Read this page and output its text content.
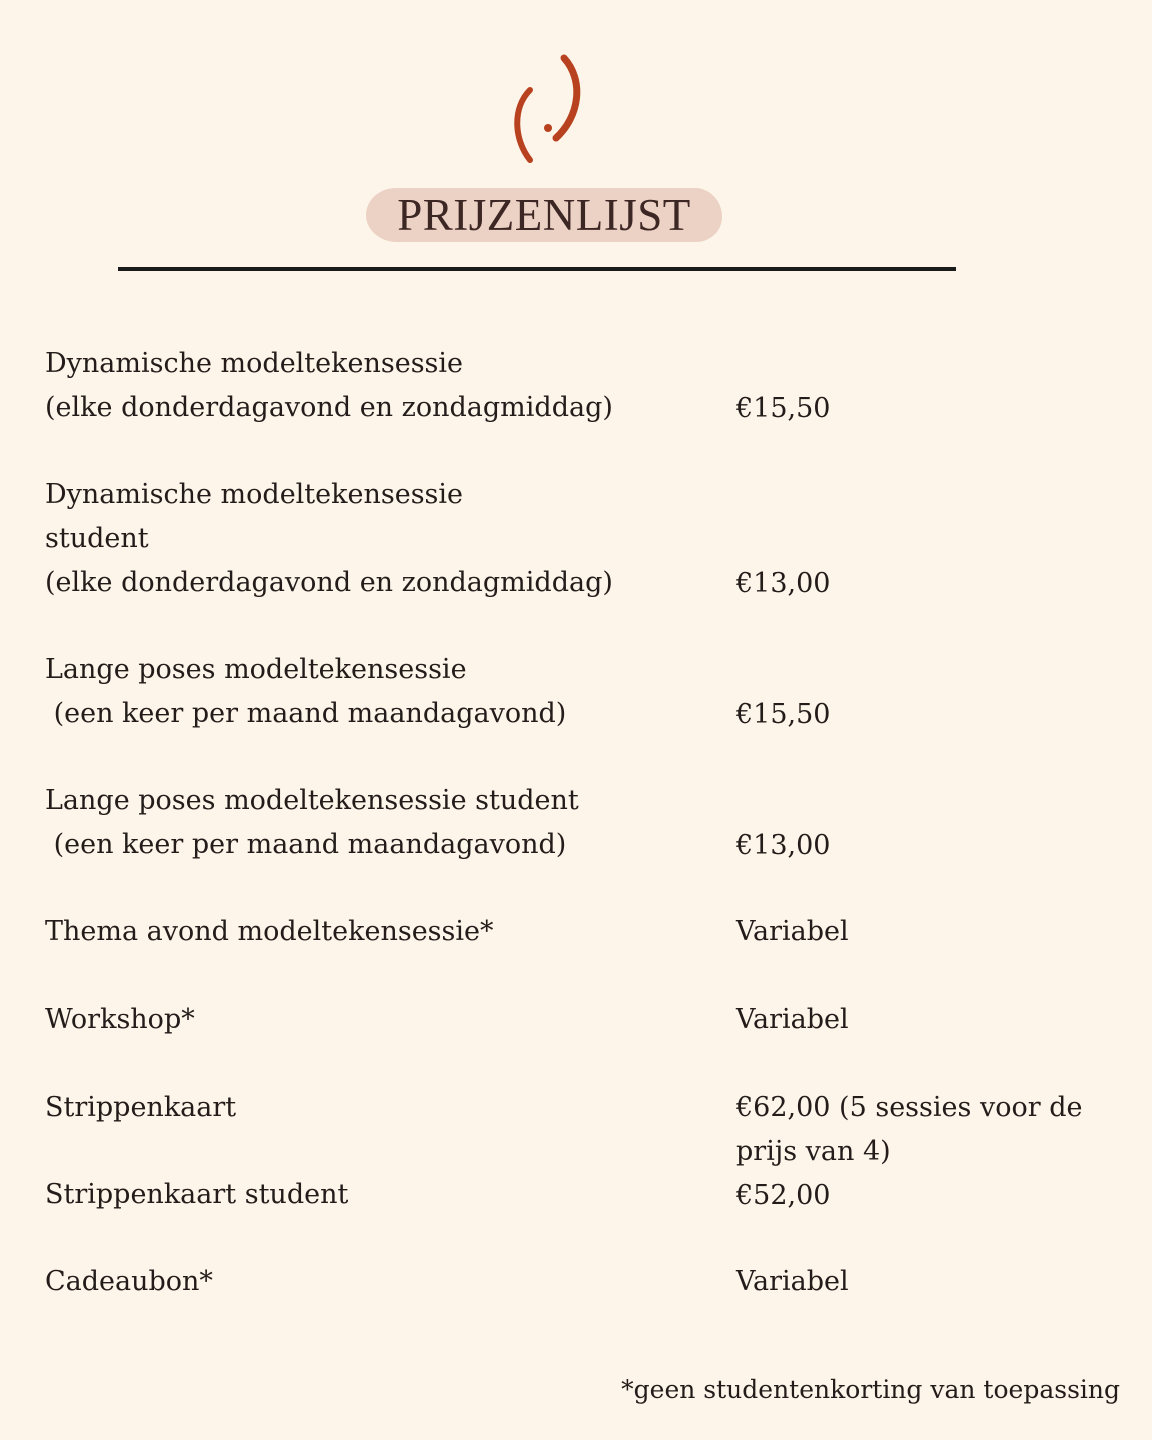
PRIJZENLIJST
Dynamische modeltekensessie
(elke donderdagavond en zondagmiddag)	€15,50
Dynamische modeltekensessie
student
(elke donderdagavond en zondagmiddag)	€13,00
Lange poses modeltekensessie
(een keer per maand maandagavond)	€15,50
Lange poses modeltekensessie student
(een keer per maand maandagavond)	€13,00
Thema avond modeltekensessie*	Variabel
Workshop*	Variabel
Strippenkaart	€62,00 (5 sessies voor de
prijs van 4)
Strippenkaart student	€52,00
Cadeaubon*	Variabel
*geen studentenkorting van toepassing
